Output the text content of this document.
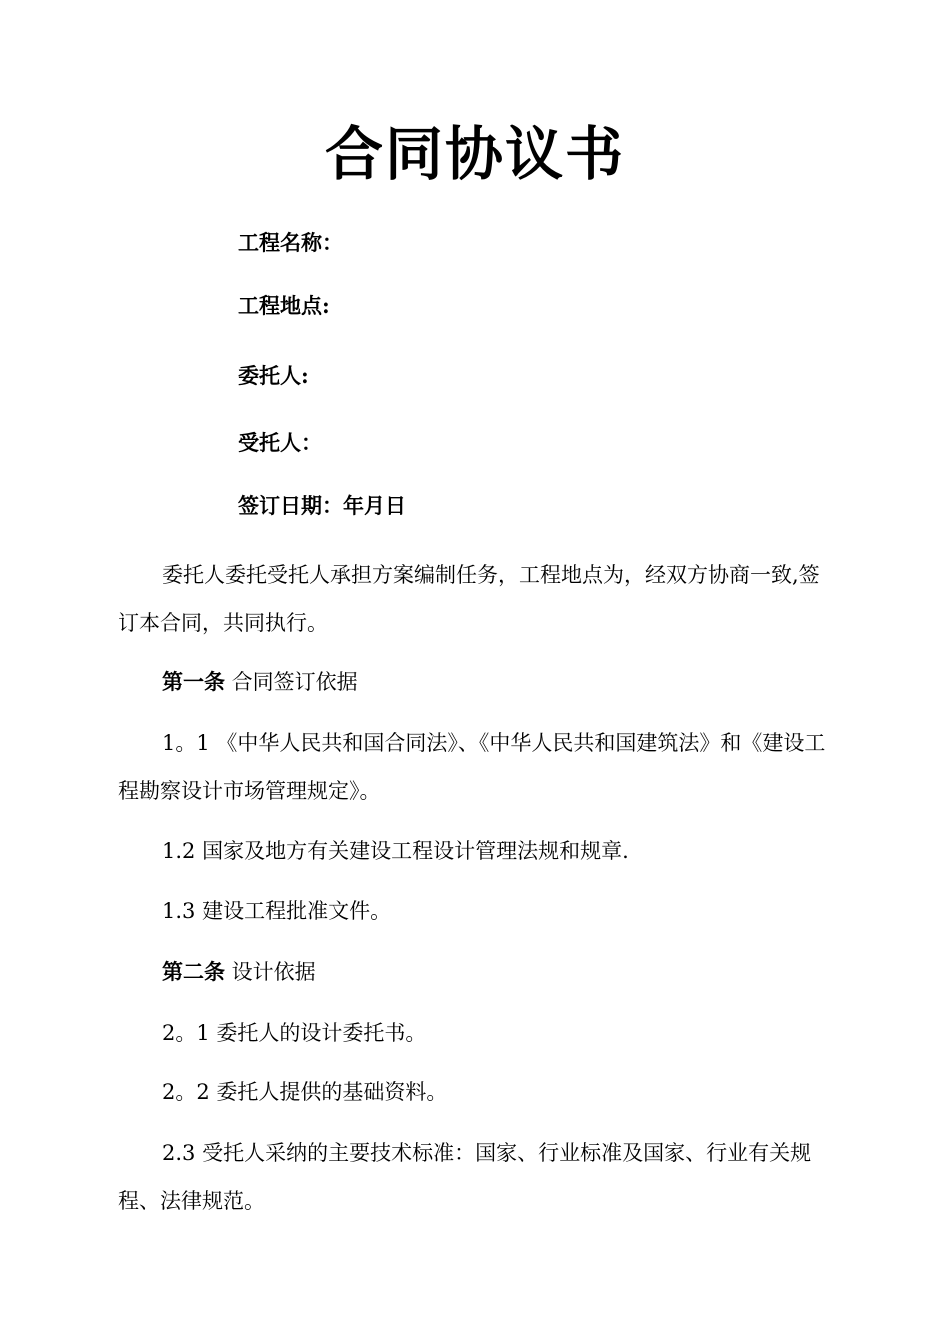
合同协议书
工程名称：
工程地点:
委托人:
受托人：
签订日期：年月日

委托人委托受托人承担方案编制任务，工程地点为，经双方协商一致,签订本合同，共同执行。

第一条 合同签订依据

1。1 《中华人民共和国合同法》、《中华人民共和国建筑法》和《建设工程勘察设计市场管理规定》。

1.2 国家及地方有关建设工程设计管理法规和规章.

1.3 建设工程批准文件。

第二条 设计依据

2。1 委托人的设计委托书。

2。2 委托人提供的基础资料。

2.3 受托人采纳的主要技术标准：国家、行业标准及国家、行业有关规程、法律规范。
